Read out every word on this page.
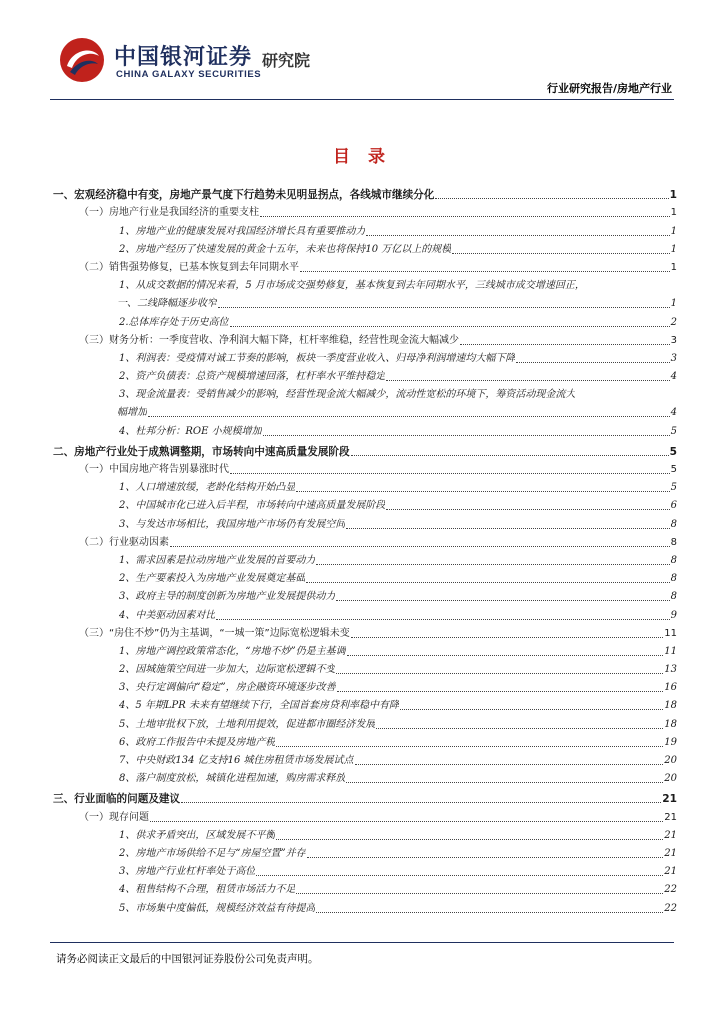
中国银河证券
CHINA GALAXY SECURITIES
研究院
行业研究报告/房地产行业
目 录
一、宏观经济稳中有变，房地产景气度下行趋势未见明显拐点，各线城市继续分化	1
（一）房地产行业是我国经济的重要支柱	1
1、房地产业的健康发展对我国经济增长具有重要推动力	1
2、房地产经历了快速发展的黄金十五年，未来也将保持10 万亿以上的规模	1
（二）销售强势修复，已基本恢复到去年同期水平	1
1、从成交数据的情况来看，5 月市场成交强势修复，基本恢复到去年同期水平，三线城市成交增速回正，
一、二线降幅逐步收窄	1
2.总体库存处于历史高位	2
（三）财务分析：一季度营收、净利润大幅下降，杠杆率维稳，经营性现金流大幅减少	3
1、利润表：受疫情对诚工节奏的影响，板块一季度营业收入、归母净利润增速均大幅下降	3
2、资产负债表：总资产规模增速回落，杠杆率水平维持稳定	4
3、现金流量表：受销售减少的影响，经营性现金流大幅减少，流动性宽松的环境下，筹资活动现金流大
幅增加	4
4、杜邦分析：ROE 小规模增加	5
二、房地产行业处于成熟调整期，市场转向中速高质量发展阶段	5
（一）中国房地产将告别暴涨时代	5
1、人口增速放缓，老龄化结构开始凸显	5
2、中国城市化已进入后半程，市场转向中速高质量发展阶段	6
3、与发达市场相比，我国房地产市场仍有发展空间	8
（二）行业驱动因素	8
1、需求因素是拉动房地产业发展的首要动力	8
2、生产要素投入为房地产业发展奠定基础	8
3、政府主导的制度创新为房地产业发展提供动力	8
4、中美驱动因素对比	9
（三）“房住不炒”仍为主基调，“一城一策”边际宽松逻辑未变	11
1、房地产调控政策常态化，“房地不炒”仍是主基调	11
2、因城施策空间进一步加大，边际宽松逻辑不变	13
3、央行定调偏向“稳定”，房企融资环境逐步改善	16
4、5 年期LPR 未来有望继续下行，全国首套房贷利率稳中有降	18
5、土地审批权下放，土地利用提效，促进都市圈经济发展	18
6、政府工作报告中未提及房地产税	19
7、中央财政134 亿支持16 城住房租赁市场发展试点	20
8、落户制度放松，城镇化进程加速，购房需求释放	20
三、行业面临的问题及建议	21
（一）现存问题	21
1、供求矛盾突出，区域发展不平衡	21
2、房地产市场供给不足与“房屋空置”并存	21
3、房地产行业杠杆率处于高位	21
4、租售结构不合理，租赁市场活力不足	22
5、市场集中度偏低，规模经济效益有待提高	22
请务必阅读正文最后的中国银河证券股份公司免责声明。
